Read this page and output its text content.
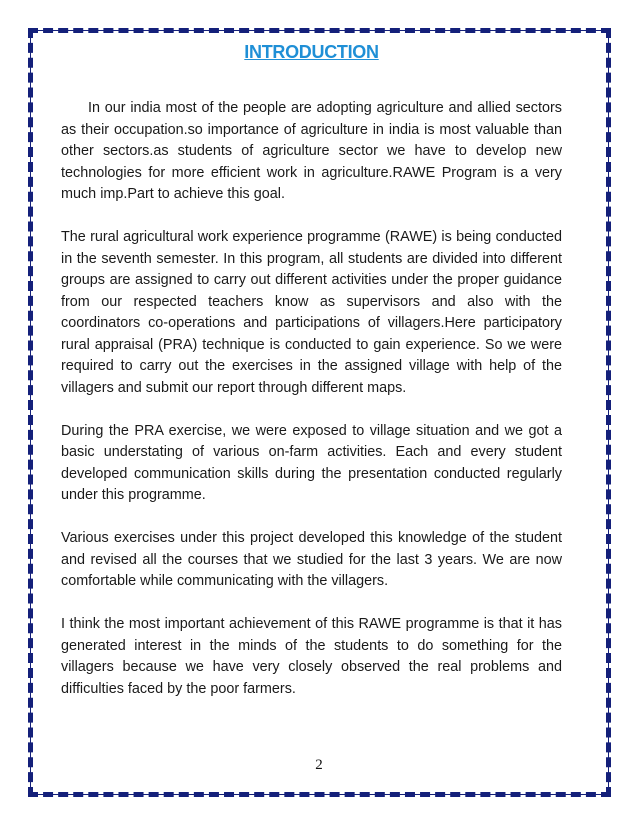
INTRODUCTION

In our india most of the people are adopting agriculture and allied sectors as their occupation.so importance of agriculture in india is most valuable than other sectors.as students of agriculture sector we have to develop new technologies for more efficient work in agriculture.RAWE Program is a very much imp.Part to achieve this goal.

The rural agricultural work experience programme (RAWE) is being conducted in the seventh semester. In this program, all students are divided into different groups are assigned to carry out different activities under the proper guidance from our respected teachers know as supervisors and also with the coordinators co-operations and participations of villagers.Here participatory rural appraisal (PRA) technique is conducted to gain experience. So we were required to carry out the exercises in the assigned village with help of the villagers and submit our report through different maps.

During the PRA exercise, we were exposed to village situation and we got a basic understating of various on-farm activities. Each and every student developed communication skills during the presentation conducted regularly under this programme.

Various exercises under this project developed this knowledge of the student and revised all the courses that we studied for the last 3 years. We are now comfortable while communicating with the villagers.

I think the most important achievement of this RAWE programme is that it has generated interest in the minds of the students to do something for the villagers because we have very closely observed the real problems and difficulties faced by the poor farmers.

2
